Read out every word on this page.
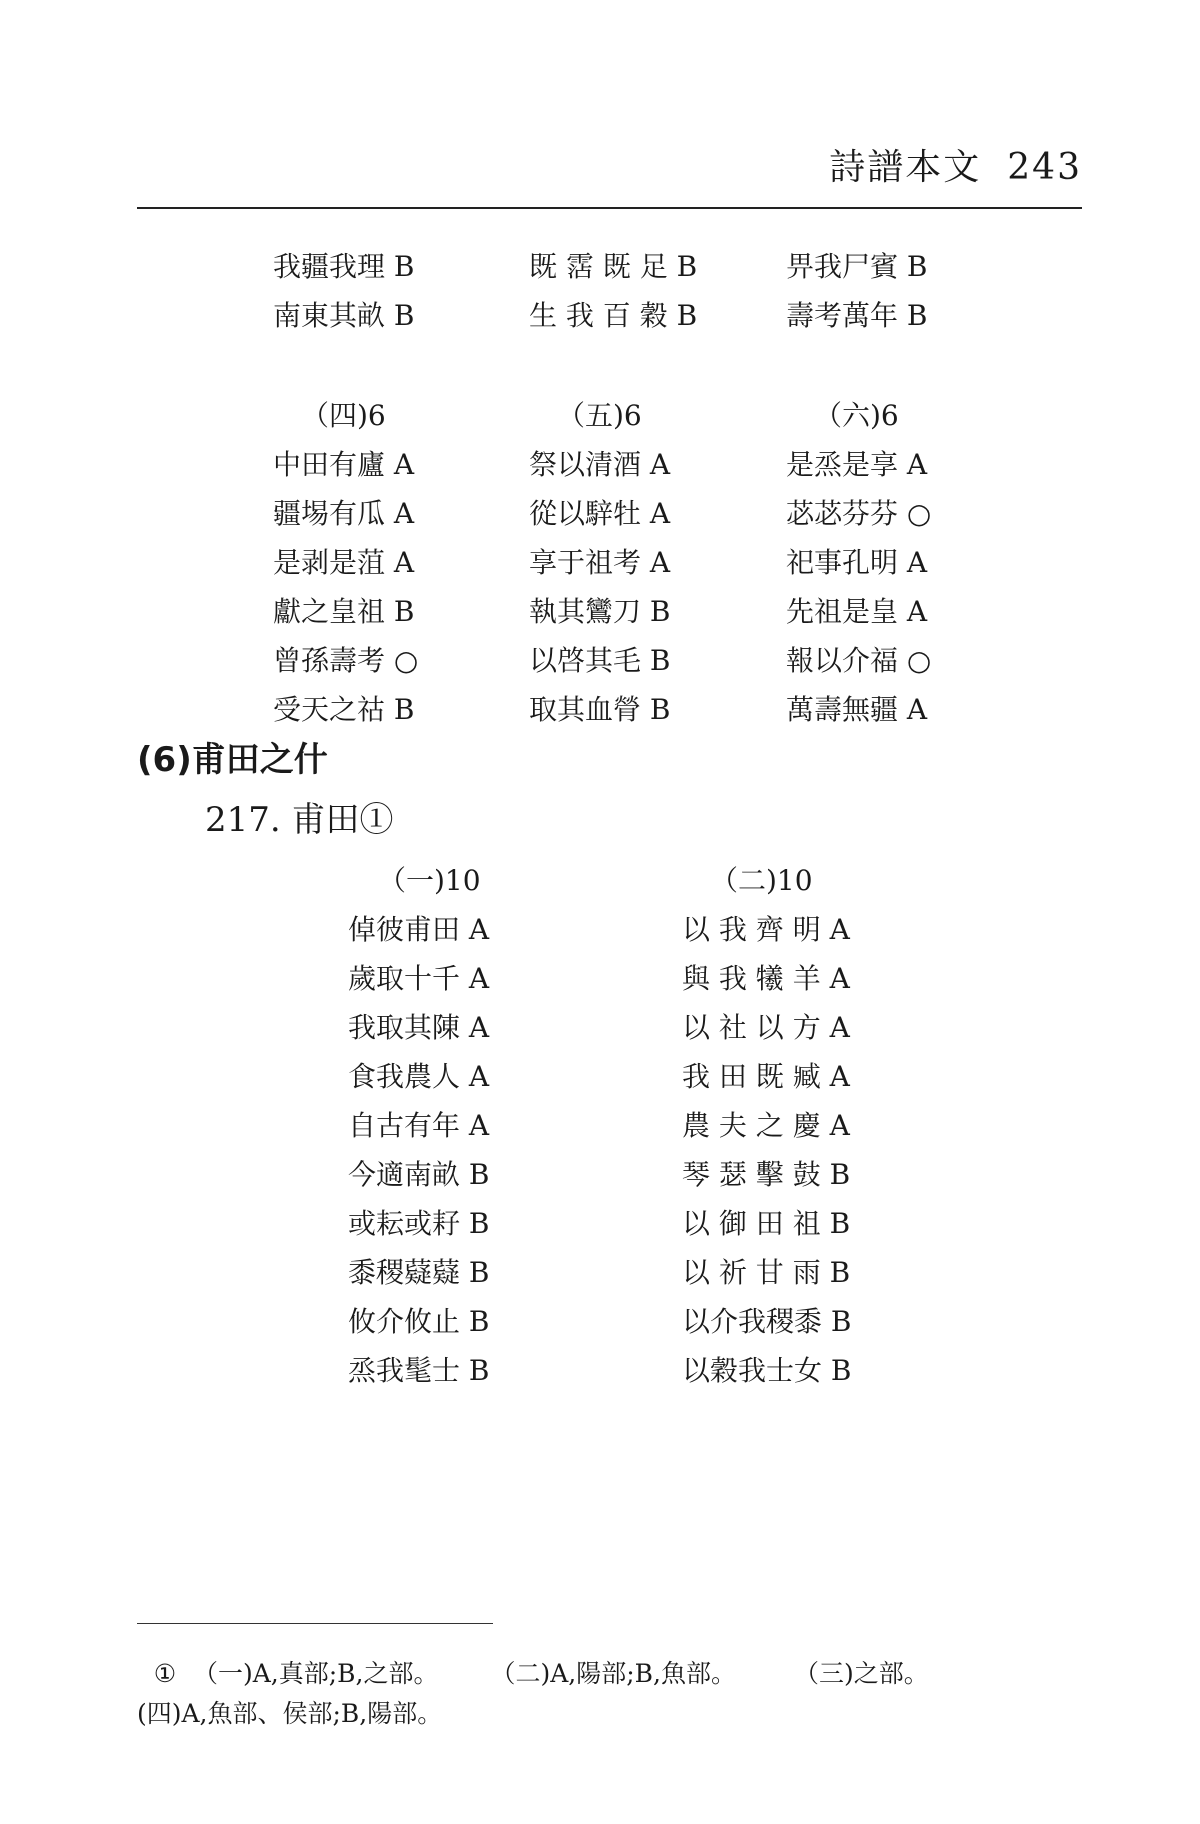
詩譜本文 243
我疆我理 B
南東其畝 B
既 霑 既 足 B
生 我 百 穀 B
畀我尸賓 B
壽考萬年 B
（四)6
中田有廬 A
疆埸有瓜 A
是剥是菹 A
獻之皇祖 B
曾孫壽考 ○
受天之祜 B
（五)6
祭以清酒 A
從以騂牡 A
享于祖考 A
執其鸞刀 B
以啓其毛 B
取其血膋 B
（六)6
是烝是享 A
苾苾芬芬 ○
祀事孔明 A
先祖是皇 A
報以介福 ○
萬壽無疆 A
(6)甫田之什
217. 甫田①
（一)10
倬彼甫田 A
歲取十千 A
我取其陳 A
食我農人 A
自古有年 A
今適南畝 B
或耘或耔 B
黍稷薿薿 B
攸介攸止 B
烝我髦士 B
（二)10
以 我 齊 明 A
與 我 犧 羊 A
以 社 以 方 A
我 田 既 臧 A
農 夫 之 慶 A
琴 瑟 擊 鼓 B
以 御 田 祖 B
以 祈 甘 雨 B
以介我稷黍 B
以穀我士女 B
① （一)A,真部;B,之部。 （二)A,陽部;B,魚部。 （三)之部。
(四)A,魚部、侯部;B,陽部。
